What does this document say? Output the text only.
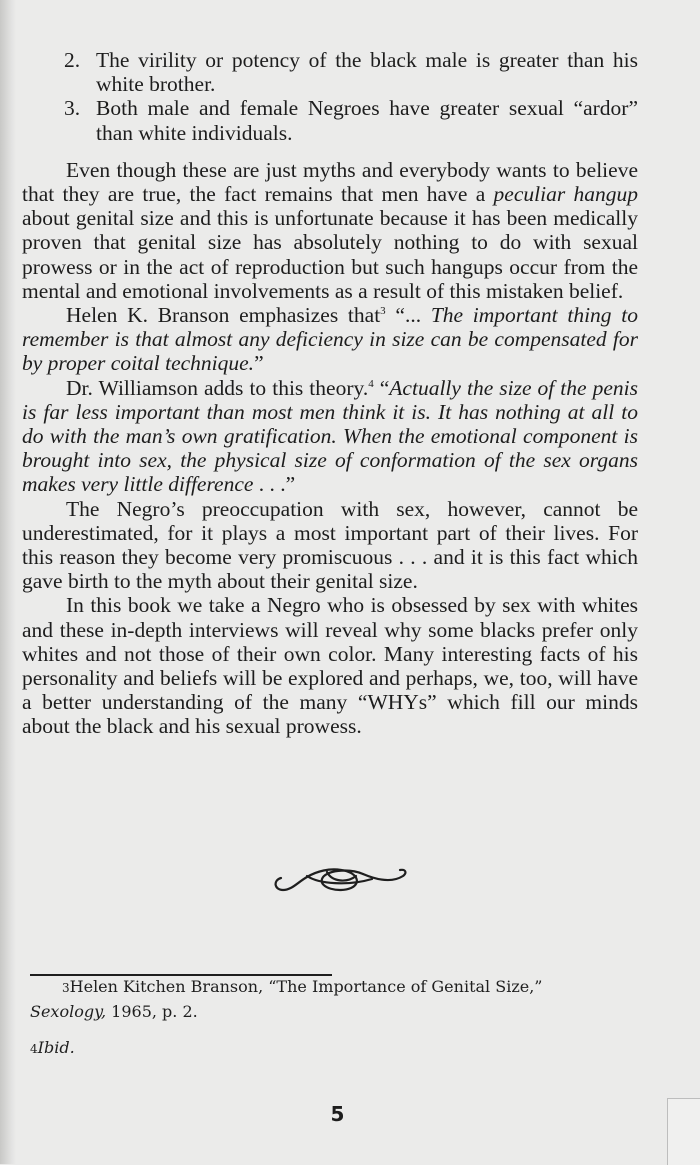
2. The virility or potency of the black male is greater than his white brother.
3. Both male and female Negroes have greater sexual “ardor” than white individuals.

Even though these are just myths and everybody wants to believe that they are true, the fact remains that men have a peculiar hangup about genital size and this is unfortunate because it has been medically proven that genital size has absolutely nothing to do with sexual prowess or in the act of reproduction but such hangups occur from the mental and emotional involvements as a result of this mistaken belief.

Helen K. Branson emphasizes that$^3$ “... The important thing to remember is that almost any deficiency in size can be compensated for by proper coital technique.”

Dr. Williamson adds to this theory.$^4$ “Actually the size of the penis is far less important than most men think it is. It has nothing at all to do with the man’s own gratification. When the emotional component is brought into sex, the physical size of conformation of the sex organs makes very little difference . . .”

The Negro’s preoccupation with sex, however, cannot be underestimated, for it plays a most important part of their lives. For this reason they become very promiscuous . . . and it is this fact which gave birth to the myth about their genital size.

In this book we take a Negro who is obsessed by sex with whites and these in-depth interviews will reveal why some blacks prefer only whites and not those of their own color. Many interesting facts of his personality and beliefs will be explored and perhaps, we, too, will have a better understanding of the many “WHYs” which fill our minds about the black and his sexual prowess.

3Helen Kitchen Branson, “The Importance of Genital Size,”
Sexology, 1965, p. 2.
4Ibid.
5
